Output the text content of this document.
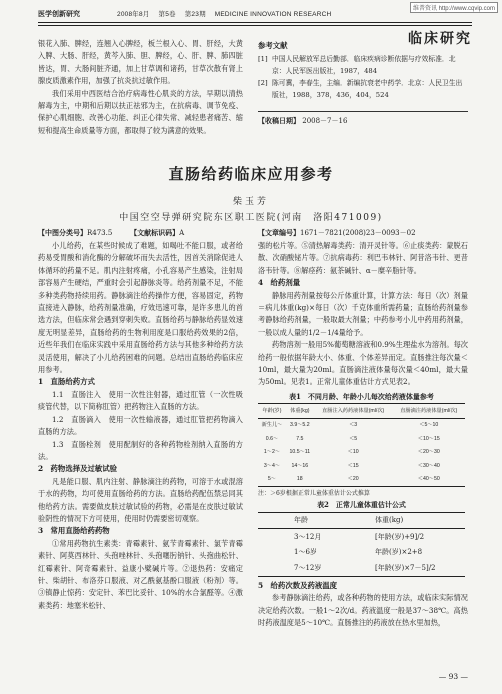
维普资讯 http://www.cqvip.com
医学创新研究	2008年8月 第5卷 第23期 MEDICINE INNOVATION RESEARCH
临床研究

银花入肺、脾经，连翘入心脾经，板兰根入心、胃、肝经，大黄入脾、大肠、肝经，黄芩入肺、胆、脾经，心、肝、脾、肺四脏皆达，胃、大肠间脏齐通，加上甘草调和诸药，甘草次散有肾上腺皮质激素作用，加强了抗炎抗过敏作用。

我们采用中西医结合治疗病毒性心肌炎的方法，早期以清热解毒为主，中期和后期以扶正祛邪为主，在抗病毒、调节免疫、保护心肌细胞、改善心功能、纠正心律失常、减轻患者痛苦、缩短和提高生命质量等方面，都取得了较为满意的效果。

参考文献
[1] 中国人民解放军总后勤部．临床疾病诊断依据与疗效标准．北京：人民军医出版社，1987，484
[2] 陈可冀，李春生，主编．新编抗衰老中药学．北京：人民卫生出版社，1988，378，436，404，524
【收稿日期】 2008－7－16
直肠给药临床应用参考
柴玉芳
中国空空导弹研究院东区职工医院(河南　洛阳471009)
【中图分类号】R473.5	【文献标识码】A	【文章编号】1671－7821(2008)23－0093－02

小儿给药，在某些时候成了难题，如喝吐不能口服，或者给药易受胃酸和消化酶的分解破坏而失去活性，因首关消除促进人体循环的药量不足。肌内注射疼痛，小孔容易产生感染，注射局部容易产生硬结，严重时会引起静脉炎等。给药剂量不足，不能多种类药物持续用药。静脉滴注给药操作方便，容易固定，药物直接进入静脉，给药剂量准确，疗效迅速可靠，是许多患儿的首选方法，但临床常会遇到穿刺失败。直肠给药与静脉给药显效速度无明显差异，直肠给药的生物利用度是口服给药效果的2倍，近些年我们在临床实践中采用直肠给药方法与其他多种给药方法灵活使用，解决了小儿给药困难的问题。总结出直肠给药临床应用参考。

1　直肠给药方式

1.1　直肠注入　使用一次性注射器，通过肛管（一次性吸痰管代替，以下简称肛管）把药物注入直肠的方法。

1.2　直肠滴入　使用一次性输液器，通过肛管把药物滴入直肠的方法。

1.3　直肠栓剂　使用配制好的各种药物栓剂纳入直肠的方法。

2　药物选择及过敏试验

凡是能口服、肌内注射、静脉滴注的药物，可溶于水或混溶于水的药物，均可使用直肠给药的方法。直肠给药配伍禁忌同其他给药方法。需要做皮肤过敏试验的药物，必需是在皮肤过敏试验阴性的情况下方可使用，使用时仍需要密切观察。

3　常用直肠给药药物

①常用药物抗生素类：青霉素针、氨苄青霉素针、氯苄青霉素针、阿莫西林针、头孢唑林针、头孢噻肟钠针、头孢曲松针、红霉素针、阿奇霉素针、益康小檗碱片等。②退热药：安痛定针、柴胡针、布洛芬口服液、对乙酰氨基酚口服液（粉剂）等。③镇静止惊药：安定针、苯巴比妥针、10%的水合氯醛等。④激素类药：地塞米松针、

强的松片等。⑤清热解毒类药：清开灵针等。⑥止痰类药：蒙脱石散、次硝酸铋片等。⑦抗病毒药：利巴韦林针、阿昔洛韦针、更昔洛韦针等。⑧解痉药：氨茶碱针、α－糜辛脂针等。

4　给药剂量

静脉用药剂量按每公斤体重计算，计算方法：每日（次）剂量＝病儿体重(kg)×每日（次）千克体重所需药量；直肠给药剂量参考静脉给药剂量，一般取最大剂量；中药参考小儿中药用药剂量，一般以成人量的1/2－1/4量给予。

药物溶剂一般用5%葡萄糖溶液和0.9%生理盐水为溶剂。每次给药一般依据年龄大小、体重、个体差异而定。直肠推注每次量＜10ml，最大量为20ml。直肠滴注液体量每次量＜40ml，最大量为50ml。见表1。正常儿童体重估计方式见表2。

表1　不同月龄、年龄小儿每次给药液体量参考
年龄(岁)	体重(kg)	直肠注入药药液体量(ml/次)	直肠滴注药液体量(ml/次)
新生儿～	3.9～5.2	＜3	＜5～10
0.6～	7.5	＜5	＜10～15
1～2～	10.5～11	＜10	＜20～30
3～4～	14～16	＜15	＜30～40
5～	18	＜20	＜40～50
注：＞6岁根据正常儿童体重估计公式推算
表2　正常儿童体重估计公式
年龄	体重(kg)
3～12月	[年龄(岁)+9]/2
1～6岁	年龄(岁)×2+8
7～12岁	[年龄(岁)×7－5]/2

5　给药次数及药液温度

参考静脉滴注给药，或各种药物的使用方法，或临床实际情况决定给药次数。一般1～2次/d。药液温度一般是37～38℃。高热时药液温度是5～10℃。直肠推注的药液放在热水里加热，

— 93 —
